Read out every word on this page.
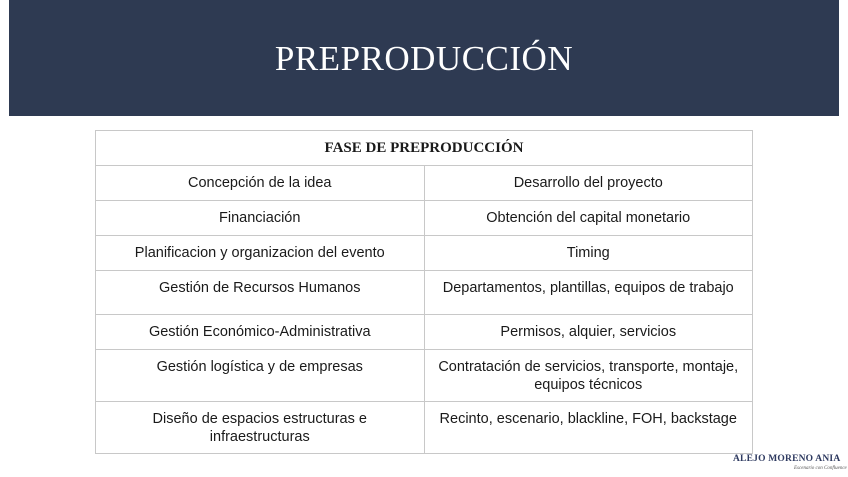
PREPRODUCCIÓN
FASE DE PREPRODUCCIÓN	
Concepción de la idea	Desarrollo del proyecto
Financiación	Obtención del capital monetario
Planificacion y organizacion del evento	Timing
Gestión de Recursos Humanos	Departamentos, plantillas, equipos de trabajo
Gestión Económico-Administrativa	Permisos, alquier, servicios
Gestión logística y de empresas	Contratación de servicios, transporte, montaje, equipos técnicos
Diseño de espacios estructuras e infraestructuras	Recinto, escenario, blackline, FOH, backstage
ALEJO MORENO ANIA
Escenario con Confluence
